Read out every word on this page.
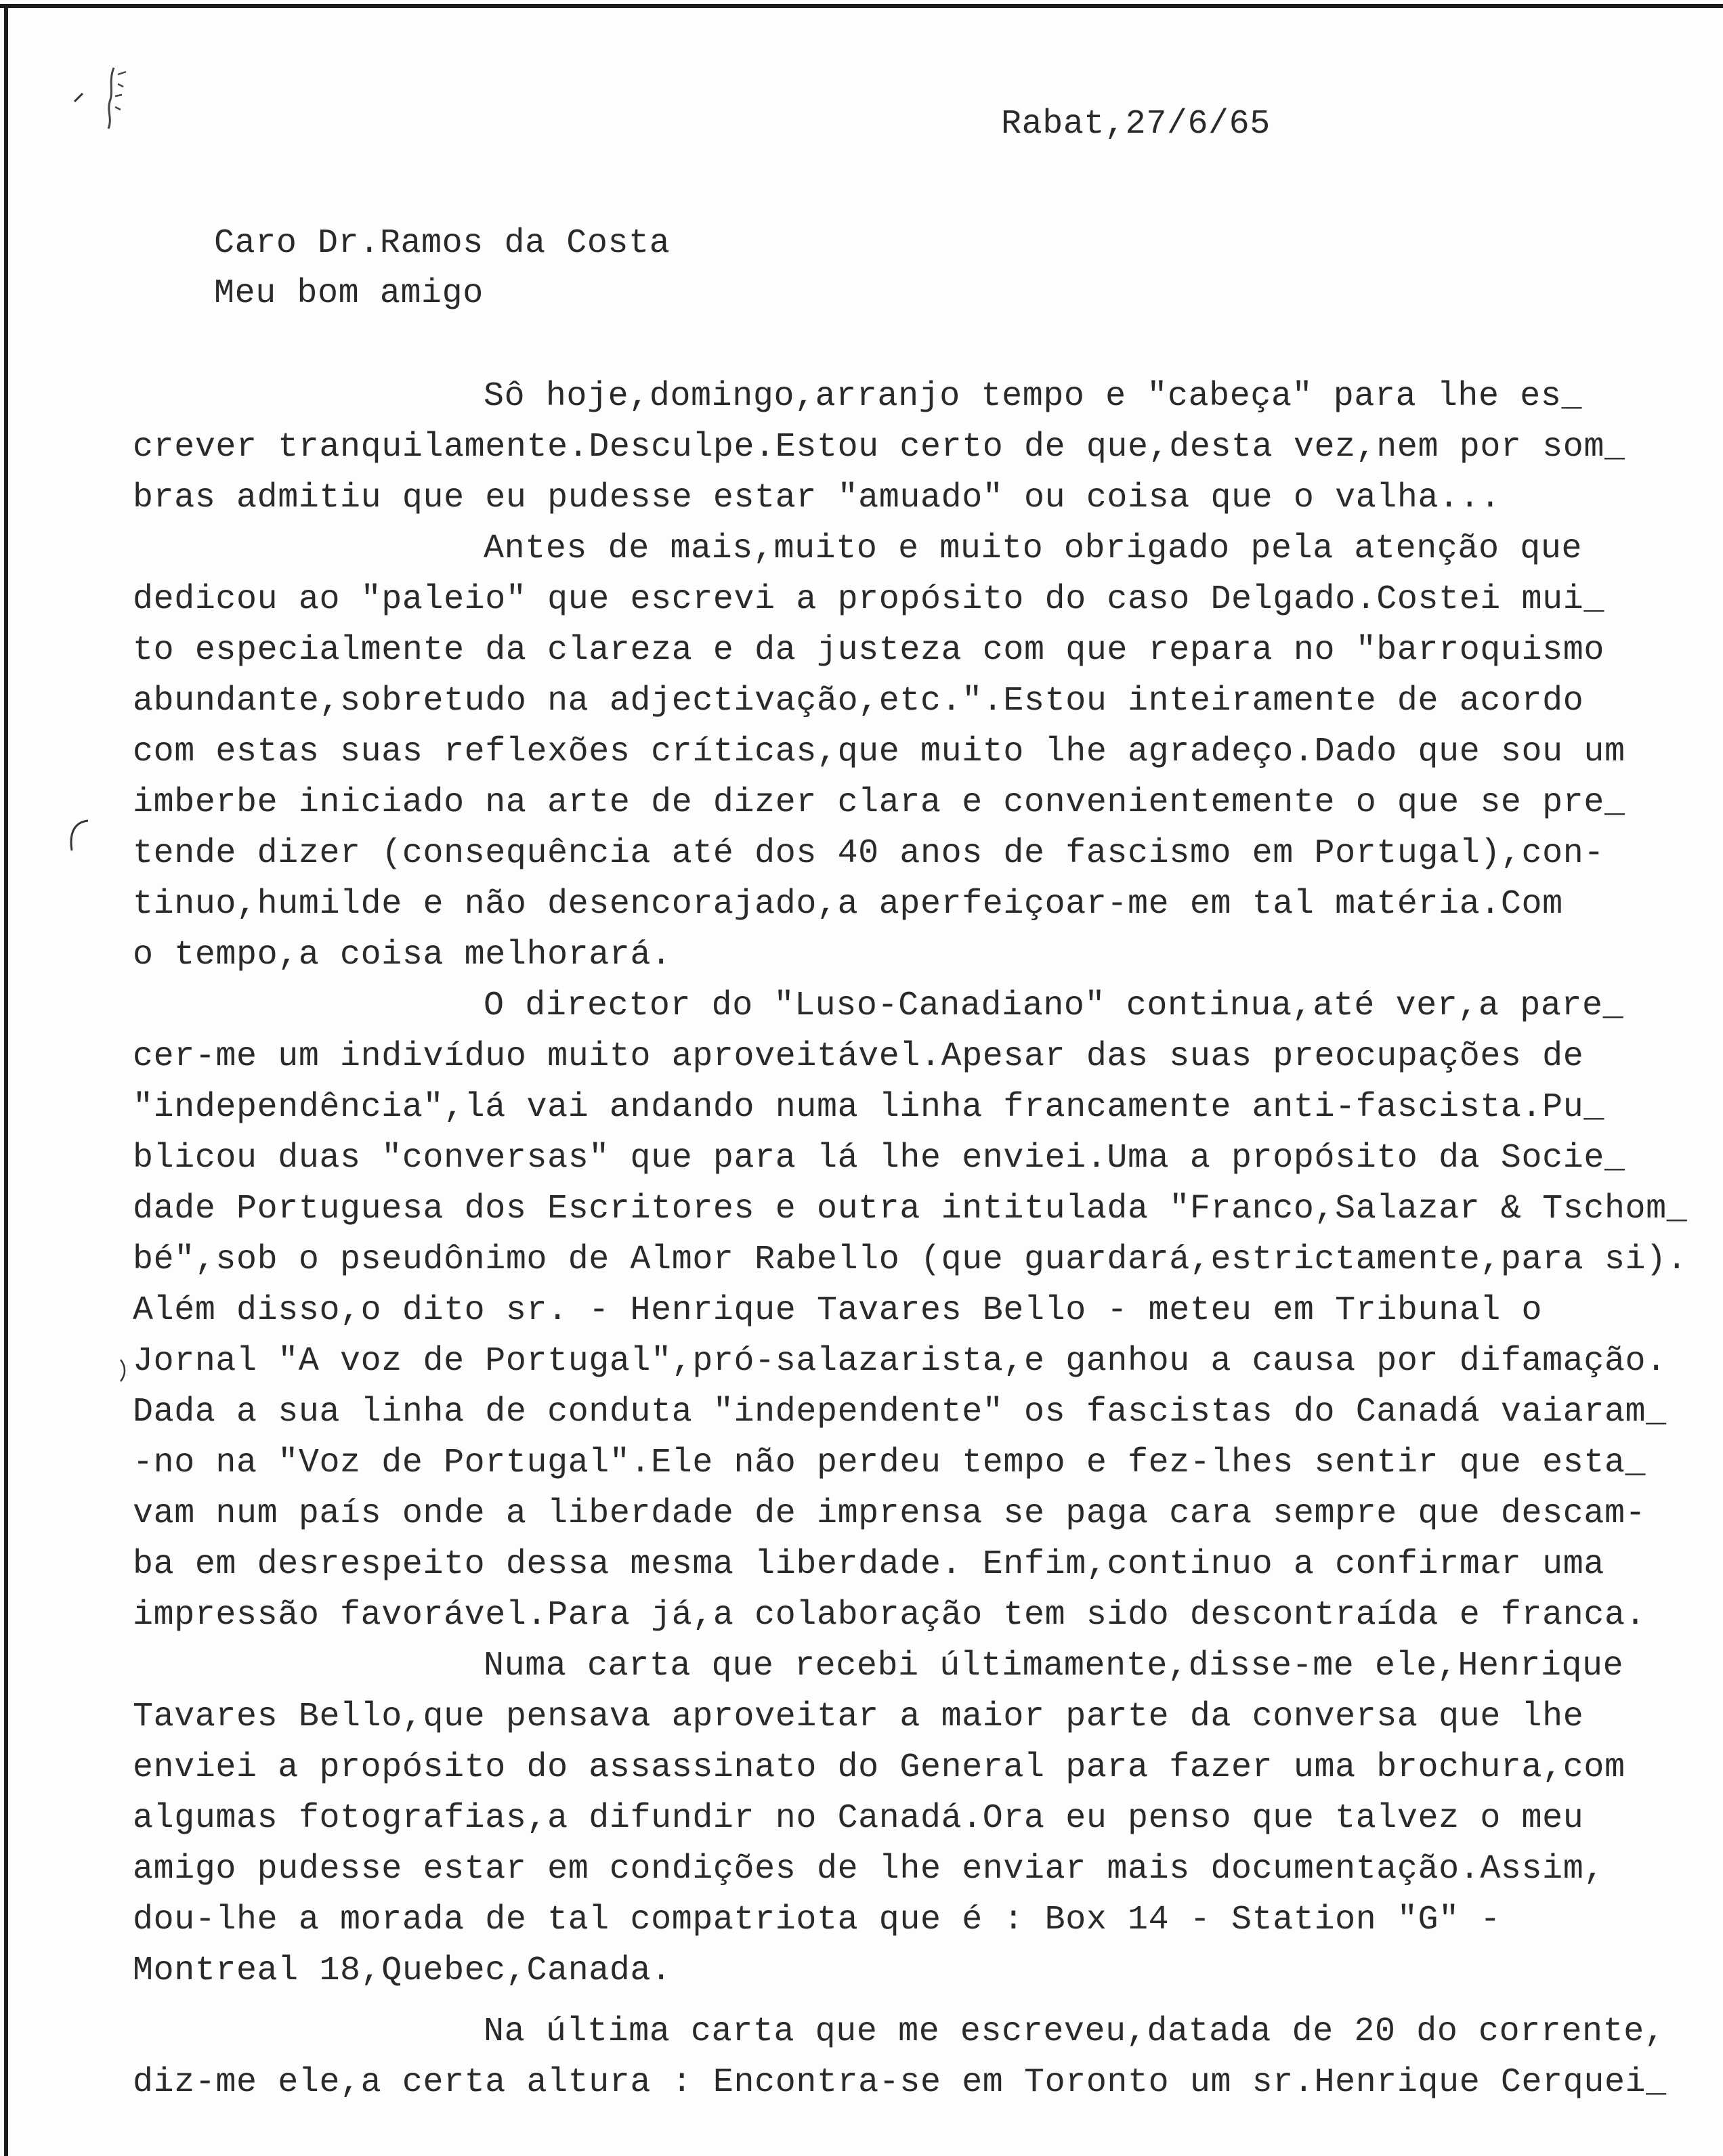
Rabat,27/6/65
Caro Dr.Ramos da Costa
Meu bom amigo
Sô hoje,domingo,arranjo tempo e "cabeça" para lhe es_
crever tranquilamente.Desculpe.Estou certo de que,desta vez,nem por som_
bras admitiu que eu pudesse estar "amuado" ou coisa que o valha...
Antes de mais,muito e muito obrigado pela atenção que
dedicou ao "paleio" que escrevi a propósito do caso Delgado.Costei mui_
to especialmente da clareza e da justeza com que repara no "barroquismo
abundante,sobretudo na adjectivação,etc.".Estou inteiramente de acordo
com estas suas reflexões críticas,que muito lhe agradeço.Dado que sou um
imberbe iniciado na arte de dizer clara e convenientemente o que se pre_
tende dizer (consequência até dos 40 anos de fascismo em Portugal),con-
tinuo,humilde e não desencorajado,a aperfeiçoar-me em tal matéria.Com
o tempo,a coisa melhorará.
O director do "Luso-Canadiano" continua,até ver,a pare_
cer-me um indivíduo muito aproveitável.Apesar das suas preocupações de
"independência",lá vai andando numa linha francamente anti-fascista.Pu_
blicou duas "conversas" que para lá lhe enviei.Uma a propósito da Socie_
dade Portuguesa dos Escritores e outra intitulada "Franco,Salazar & Tschom_
bé",sob o pseudônimo de Almor Rabello (que guardará,estrictamente,para si).
Além disso,o dito sr. - Henrique Tavares Bello - meteu em Tribunal o
Jornal "A voz de Portugal",pró-salazarista,e ganhou a causa por difamação.
Dada a sua linha de conduta "independente" os fascistas do Canadá vaiaram_
-no na "Voz de Portugal".Ele não perdeu tempo e fez-lhes sentir que esta_
vam num país onde a liberdade de imprensa se paga cara sempre que descam-
ba em desrespeito dessa mesma liberdade. Enfim,continuo a confirmar uma
impressão favorável.Para já,a colaboração tem sido descontraída e franca.
Numa carta que recebi últimamente,disse-me ele,Henrique
Tavares Bello,que pensava aproveitar a maior parte da conversa que lhe
enviei a propósito do assassinato do General para fazer uma brochura,com
algumas fotografias,a difundir no Canadá.Ora eu penso que talvez o meu
amigo pudesse estar em condições de lhe enviar mais documentação.Assim,
dou-lhe a morada de tal compatriota que é : Box 14 - Station "G" -
Montreal 18,Quebec,Canada.
Na última carta que me escreveu,datada de 20 do corrente,
diz-me ele,a certa altura : Encontra-se em Toronto um sr.Henrique Cerquei_
